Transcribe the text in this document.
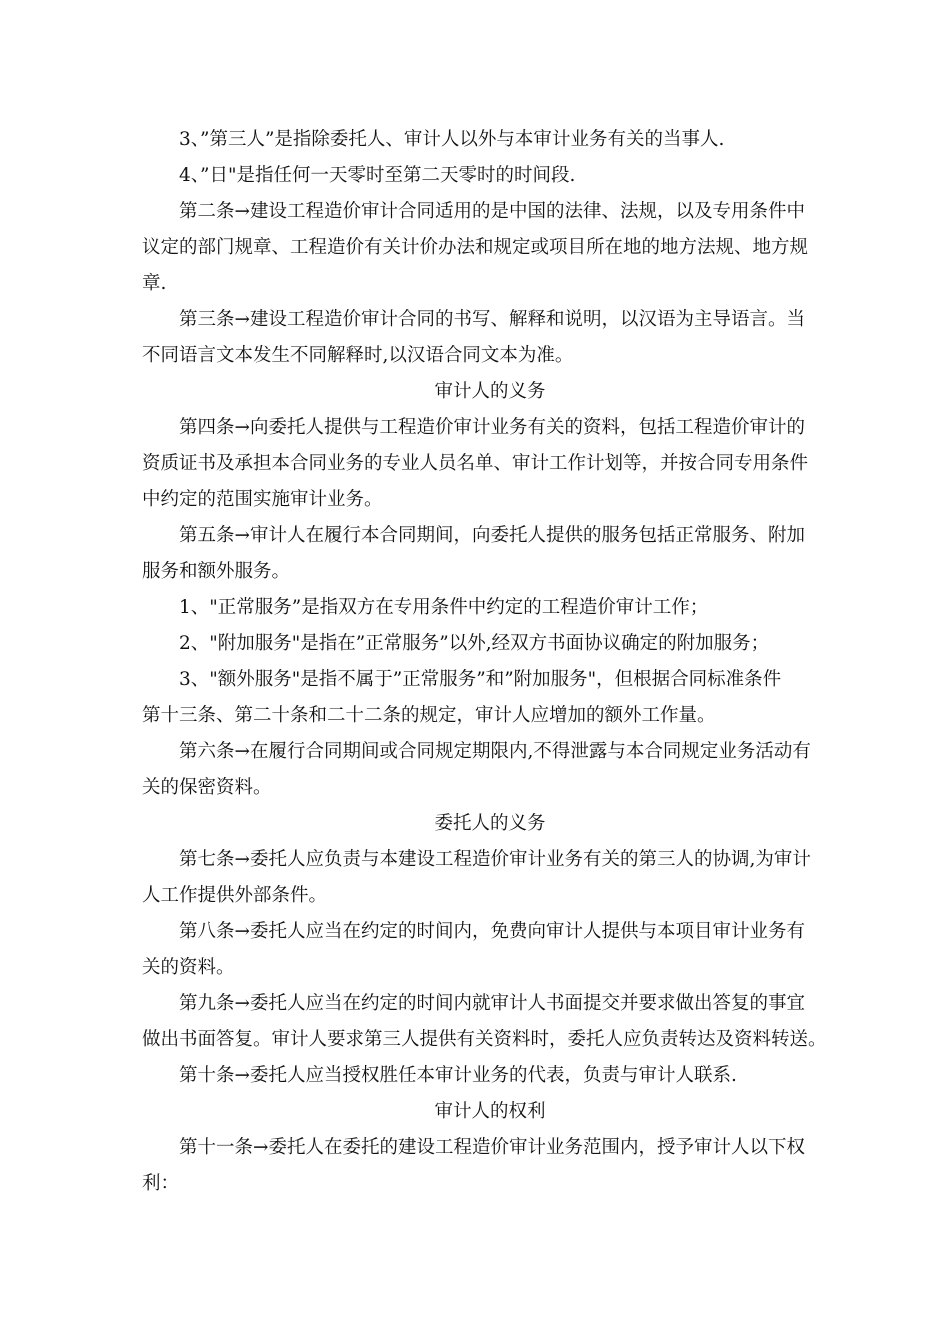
3、”第三人”是指除委托人、审计人以外与本审计业务有关的当事人.
4、”日"是指任何一天零时至第二天零时的时间段.
第二条→建设工程造价审计合同适用的是中国的法律、法规，以及专用条件中
议定的部门规章、工程造价有关计价办法和规定或项目所在地的地方法规、地方规
章.
第三条→建设工程造价审计合同的书写、解释和说明，以汉语为主导语言。当
不同语言文本发生不同解释时,以汉语合同文本为准。
审计人的义务
第四条→向委托人提供与工程造价审计业务有关的资料，包括工程造价审计的
资质证书及承担本合同业务的专业人员名单、审计工作计划等，并按合同专用条件
中约定的范围实施审计业务。
第五条→审计人在履行本合同期间，向委托人提供的服务包括正常服务、附加
服务和额外服务。
1、"正常服务”是指双方在专用条件中约定的工程造价审计工作；
2、"附加服务"是指在”正常服务”以外,经双方书面协议确定的附加服务；
3、"额外服务"是指不属于”正常服务”和”附加服务"，但根据合同标准条件
第十三条、第二十条和二十二条的规定，审计人应增加的额外工作量。
第六条→在履行合同期间或合同规定期限内,不得泄露与本合同规定业务活动有
关的保密资料。
委托人的义务
第七条→委托人应负责与本建设工程造价审计业务有关的第三人的协调,为审计
人工作提供外部条件。
第八条→委托人应当在约定的时间内，免费向审计人提供与本项目审计业务有
关的资料。
第九条→委托人应当在约定的时间内就审计人书面提交并要求做出答复的事宜
做出书面答复。审计人要求第三人提供有关资料时，委托人应负责转达及资料转送。
第十条→委托人应当授权胜任本审计业务的代表，负责与审计人联系.
审计人的权利
第十一条→委托人在委托的建设工程造价审计业务范围内，授予审计人以下权
利：
